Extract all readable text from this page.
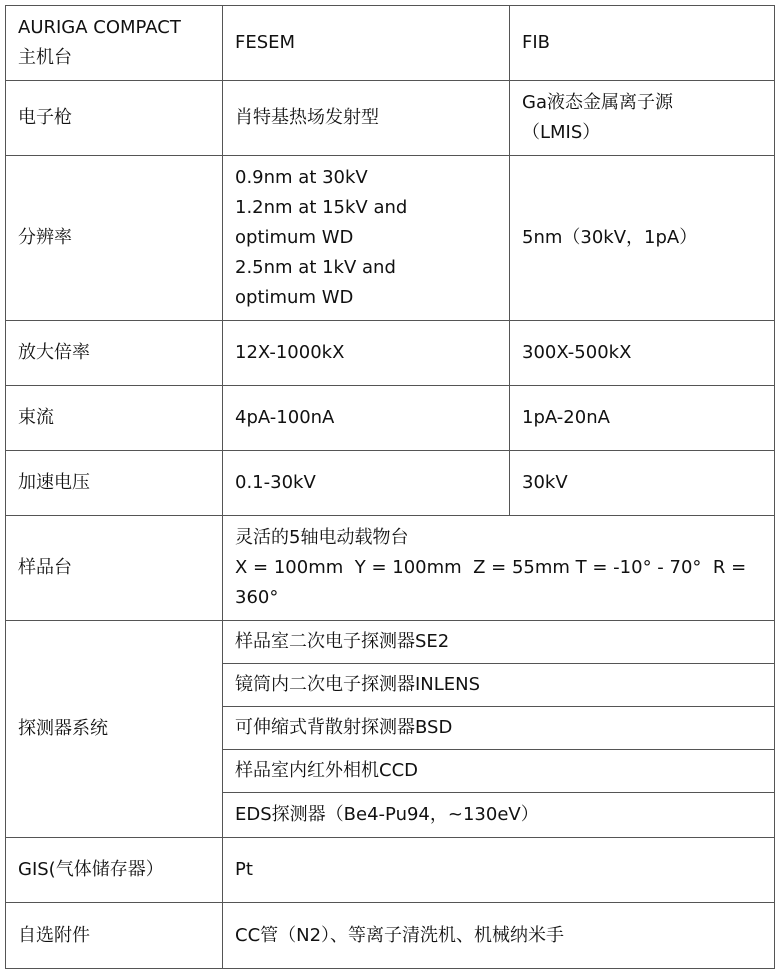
AURIGA COMPACT
主机台	FESEM	FIB
电子枪	肖特基热场发射型	Ga液态金属离子源
（LMIS）

分辨率	0.9nm at 30kV
1.2nm at 15kV and
optimum WD
2.5nm at 1kV and
optimum WD	5nm（30kV，1pA）
放大倍率	12X-1000kX	300X-500kX
束流	4pA-100nA	1pA-20nA
加速电压	0.1-30kV	30kV
样品台	灵活的5轴电动载物台
X = 100mm  Y = 100mm  Z = 55mm T = -10° - 70°  R =
360°	

探测器系统	样品室二次电子探测器SE2	
	镜筒内二次电子探测器INLENS	
	可伸缩式背散射探测器BSD	
	样品室内红外相机CCD	
	EDS探测器（Be4-Pu94，~130eV）	
GIS(气体储存器）	Pt	
自选附件	CC管（N2）、等离子清洗机、机械纳米手	
